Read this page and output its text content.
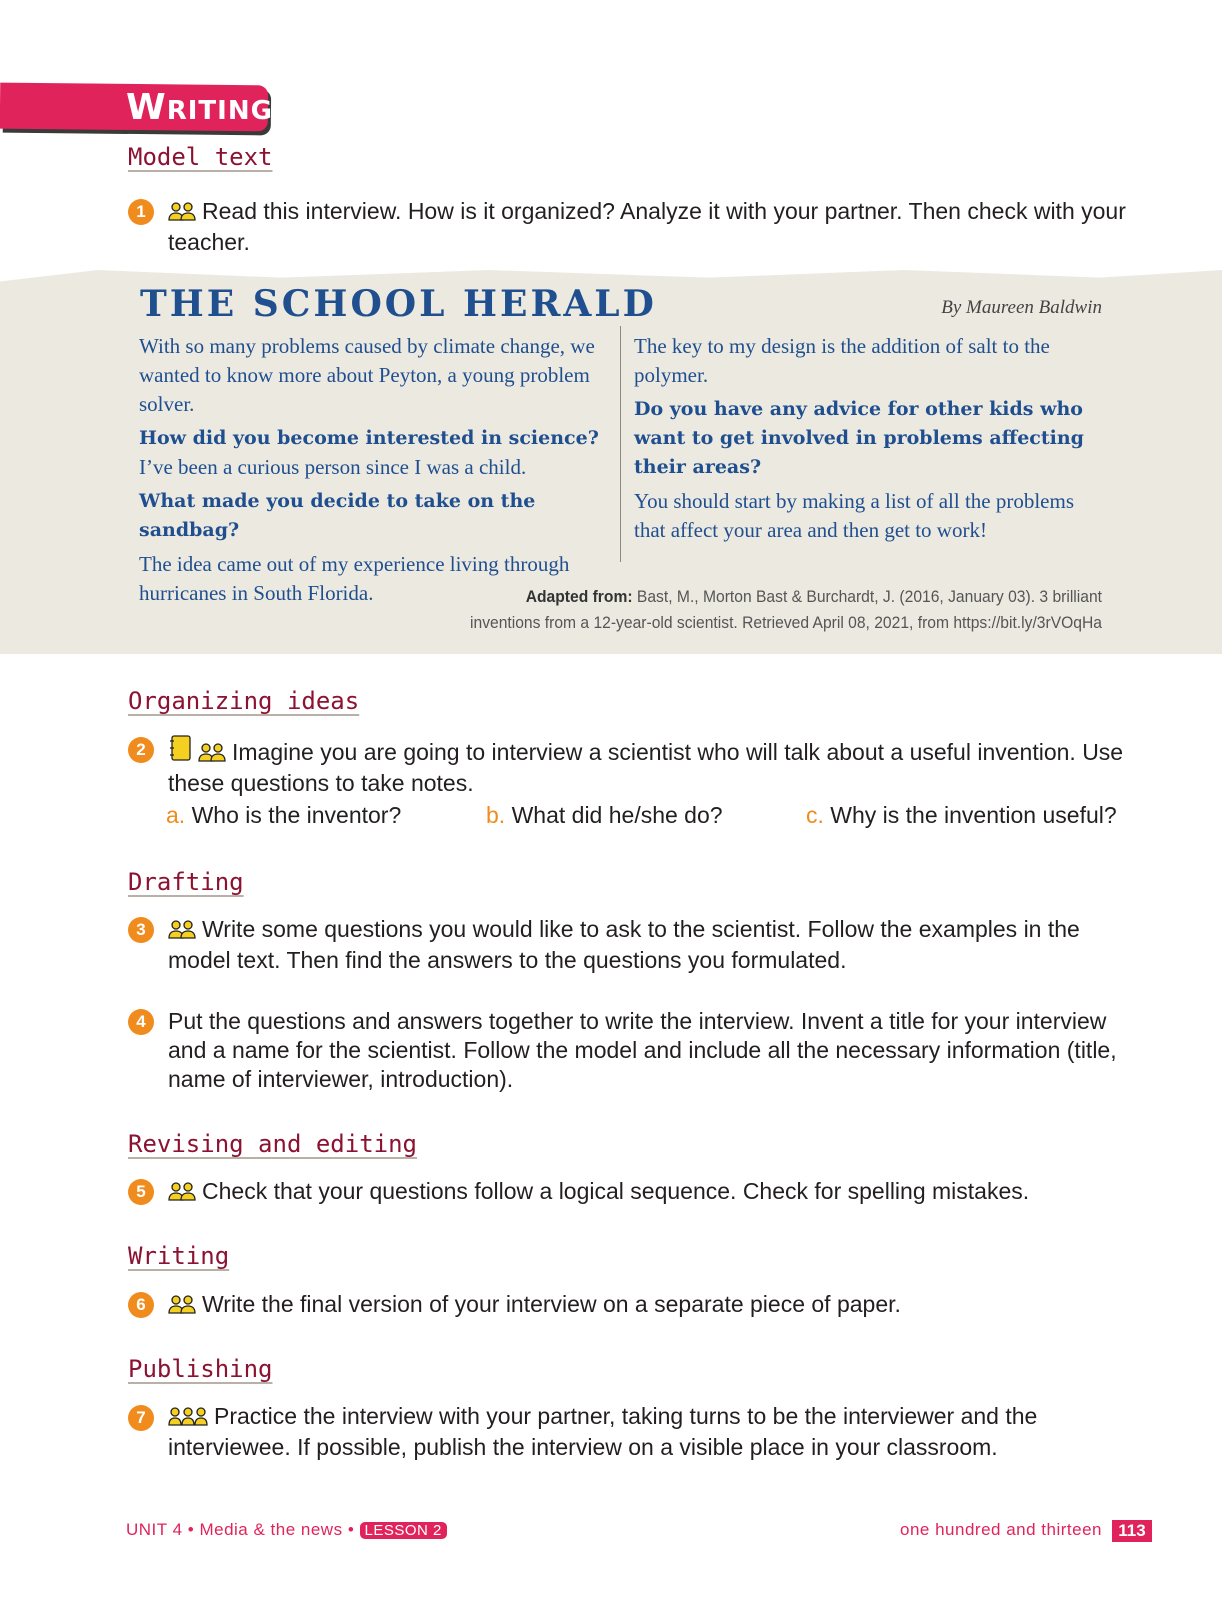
WRITING
Model text
1	Read this interview. How is it organized? Analyze it with your partner. Then check with your teacher.
THE SCHOOL HERALD	By Maureen Baldwin
With so many problems caused by climate change, we wanted to know more about Peyton, a young problem solver.
How did you become interested in science?
I’ve been a curious person since I was a child.
What made you decide to take on the sandbag?
The idea came out of my experience living through hurricanes in South Florida.
The key to my design is the addition of salt to the polymer.
Do you have any advice for other kids who want to get involved in problems affecting their areas?
You should start by making a list of all the problems that affect your area and then get to work!
Adapted from: Bast, M., Morton Bast & Burchardt, J. (2016, January 03). 3 brilliant inventions from a 12-year-old scientist. Retrieved April 08, 2021, from https://bit.ly/3rVOqHa
Organizing ideas
2	Imagine you are going to interview a scientist who will talk about a useful invention. Use these questions to take notes.
a. Who is the inventor?	b. What did he/she do?	c. Why is the invention useful?
Drafting
3	Write some questions you would like to ask to the scientist. Follow the examples in the model text. Then find the answers to the questions you formulated.
4 Put the questions and answers together to write the interview. Invent a title for your interview and a name for the scientist. Follow the model and include all the necessary information (title, name of interviewer, introduction).
Revising and editing
5	Check that your questions follow a logical sequence. Check for spelling mistakes.
Writing
6	Write the final version of your interview on a separate piece of paper.
Publishing
7	Practice the interview with your partner, taking turns to be the interviewer and the interviewee. If possible, publish the interview on a visible place in your classroom.
UNIT 4 • Media & the news • LESSON 2	one hundred and thirteen 113
